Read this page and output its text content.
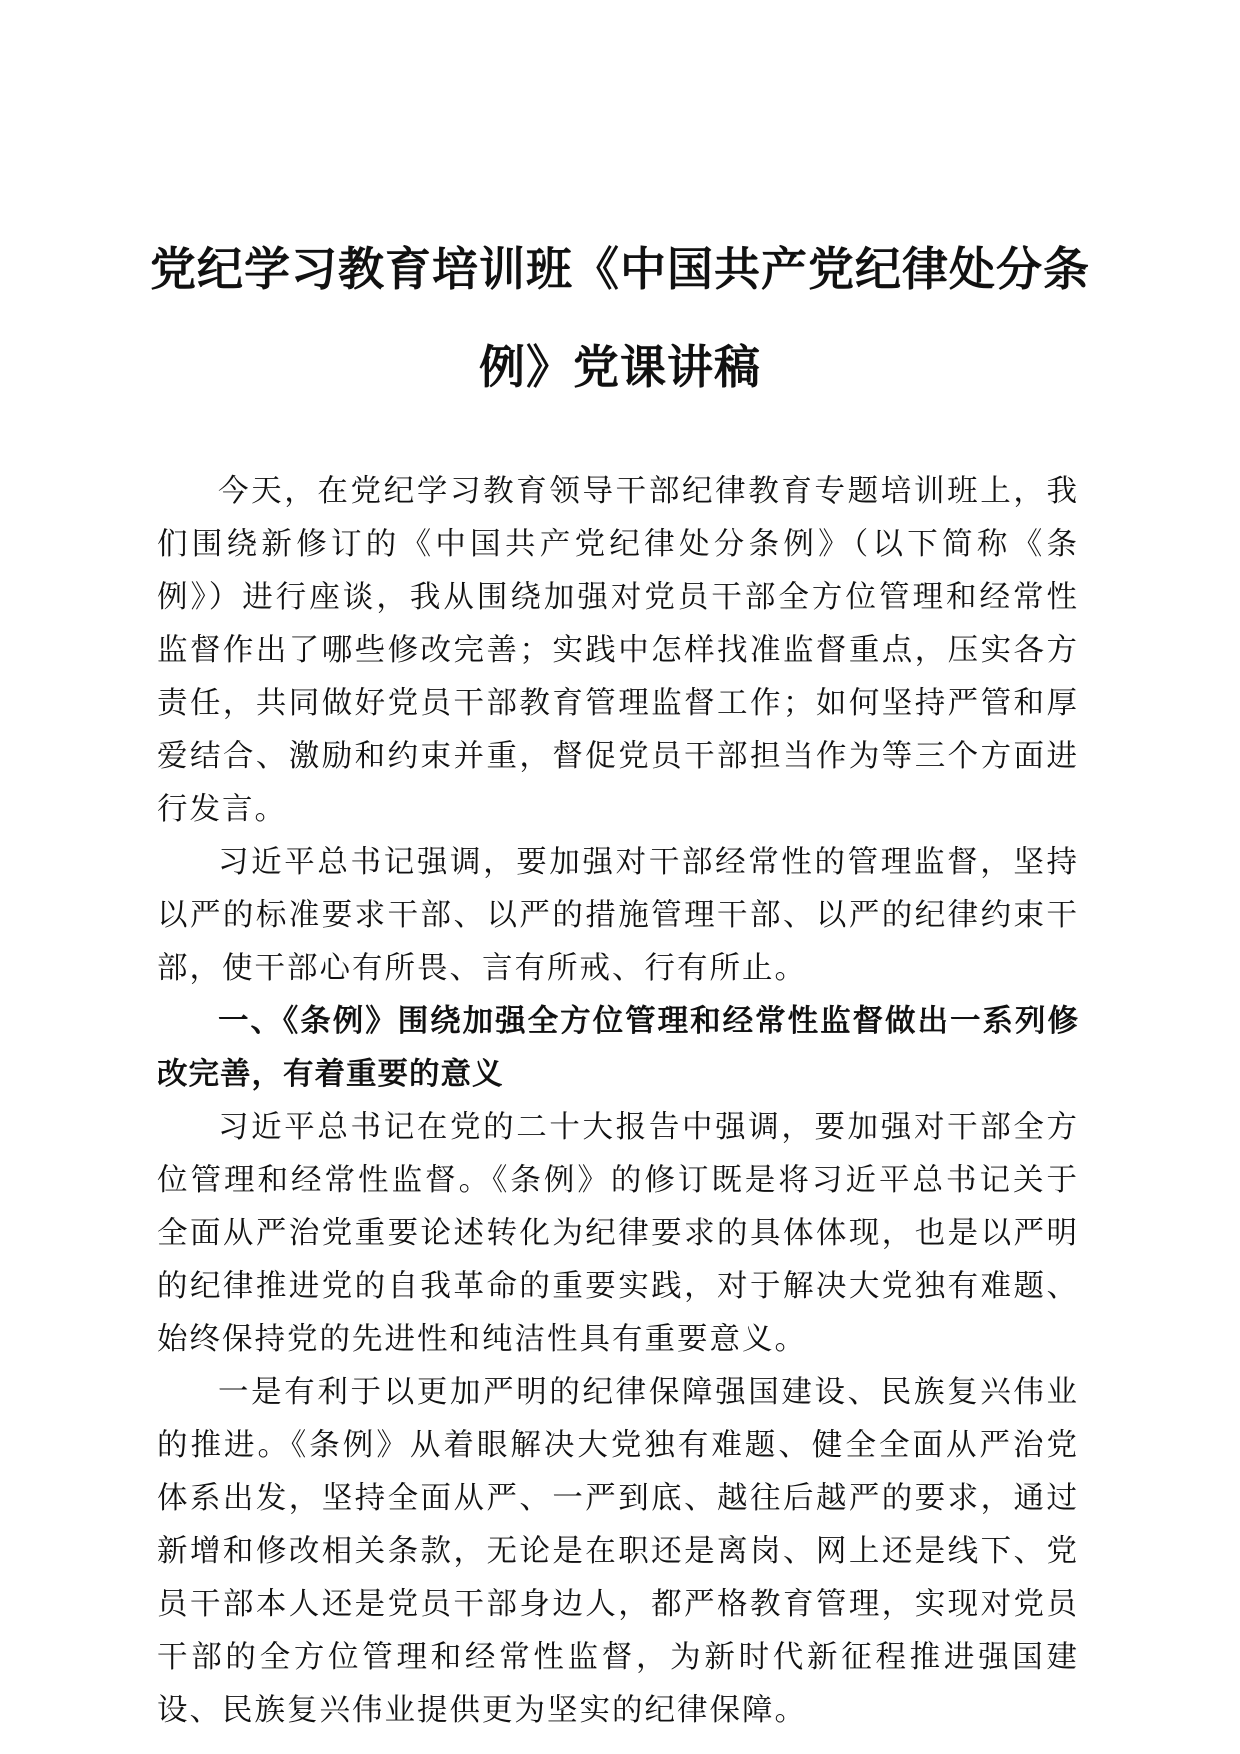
党纪学习教育培训班《中国共产党纪律处分条例》党课讲稿

今天，在党纪学习教育领导干部纪律教育专题培训班上，我们围绕新修订的《中国共产党纪律处分条例》（以下简称《条例》）进行座谈，我从围绕加强对党员干部全方位管理和经常性监督作出了哪些修改完善；实践中怎样找准监督重点，压实各方责任，共同做好党员干部教育管理监督工作；如何坚持严管和厚爱结合、激励和约束并重，督促党员干部担当作为等三个方面进行发言。

习近平总书记强调，要加强对干部经常性的管理监督，坚持以严的标准要求干部、以严的措施管理干部、以严的纪律约束干部，使干部心有所畏、言有所戒、行有所止。

一、《条例》围绕加强全方位管理和经常性监督做出一系列修改完善，有着重要的意义

习近平总书记在党的二十大报告中强调，要加强对干部全方位管理和经常性监督。《条例》的修订既是将习近平总书记关于全面从严治党重要论述转化为纪律要求的具体体现，也是以严明的纪律推进党的自我革命的重要实践，对于解决大党独有难题、始终保持党的先进性和纯洁性具有重要意义。

一是有利于以更加严明的纪律保障强国建设、民族复兴伟业的推进。《条例》从着眼解决大党独有难题、健全全面从严治党体系出发，坚持全面从严、一严到底、越往后越严的要求，通过新增和修改相关条款，无论是在职还是离岗、网上还是线下、党员干部本人还是党员干部身边人，都严格教育管理，实现对党员干部的全方位管理和经常性监督，为新时代新征程推进强国建设、民族复兴伟业提供更为坚实的纪律保障。
